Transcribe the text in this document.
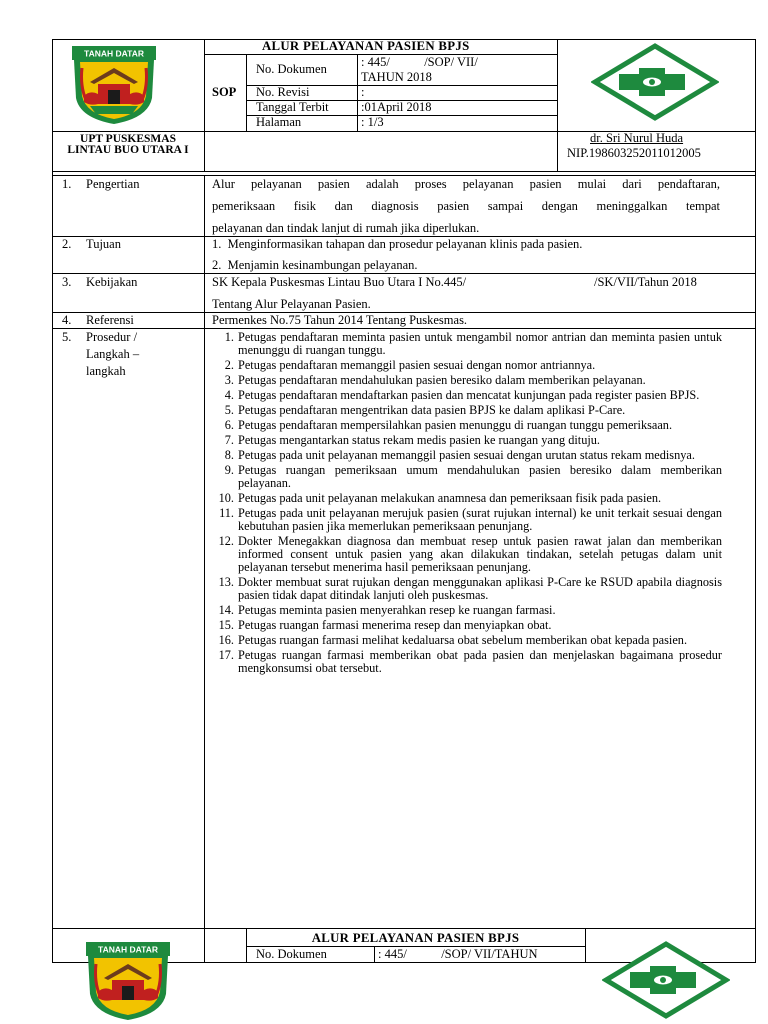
TANAH DATAR
ALUR PELAYANAN PASIEN BPJS
SOP
No. Dokumen	: 445/           /SOP/ VII/
TAHUN 2018
No. Revisi	:
Tanggal Terbit	:01April 2018
Halaman	: 1/3
UPT PUSKESMAS
LINTAU BUO UTARA I
dr. Sri Nurul Huda
NIP.198603252011012005
1. Pengertian	Alur pelayanan pasien adalah proses pelayanan pasien mulai dari pendaftaran,
pemeriksaan fisik dan diagnosis pasien sampai dengan meninggalkan tempat
pelayanan dan tindak lanjut di rumah jika diperlukan.
2. Tujuan	1.  Menginformasikan tahapan dan prosedur pelayanan klinis pada pasien.
2.  Menjamin kesinambungan pelayanan.
3. Kebijakan	SK Kepala Puskesmas Lintau Buo Utara I No.445/	/SK/VII/Tahun 2018
Tentang Alur Pelayanan Pasien.
4. Referensi	Permenkes No.75 Tahun 2014 Tentang Puskesmas.
5. Prosedur /
Langkah –
langkah
1. Petugas pendaftaran meminta pasien untuk mengambil nomor antrian dan meminta pasien untuk menunggu di ruangan tunggu.
2. Petugas pendaftaran memanggil pasien sesuai dengan nomor antriannya.
3. Petugas pendaftaran mendahulukan pasien beresiko dalam memberikan pelayanan.
4. Petugas pendaftaran mendaftarkan pasien dan mencatat kunjungan pada register pasien BPJS.
5. Petugas pendaftaran mengentrikan data pasien BPJS ke dalam aplikasi P-Care.
6. Petugas pendaftaran mempersilahkan pasien menunggu di ruangan tunggu pemeriksaan.
7. Petugas mengantarkan status rekam medis pasien ke ruangan yang dituju.
8. Petugas pada unit pelayanan memanggil pasien sesuai dengan urutan status rekam medisnya.
9. Petugas ruangan pemeriksaan umum mendahulukan pasien beresiko dalam memberikan pelayanan.
10. Petugas pada unit pelayanan melakukan anamnesa dan pemeriksaan fisik pada pasien.
11. Petugas pada unit pelayanan merujuk pasien (surat rujukan internal) ke unit terkait sesuai dengan kebutuhan pasien jika memerlukan pemeriksaan penunjang.
12. Dokter Menegakkan diagnosa dan membuat resep untuk pasien rawat jalan dan memberikan informed consent untuk pasien yang akan dilakukan tindakan, setelah petugas dalam unit pelayanan tersebut menerima hasil pemeriksaan penunjang.
13. Dokter membuat surat rujukan dengan menggunakan aplikasi P-Care ke RSUD apabila diagnosis pasien tidak dapat ditindak lanjuti oleh puskesmas.
14. Petugas meminta pasien menyerahkan resep ke ruangan farmasi.
15. Petugas ruangan farmasi menerima resep dan menyiapkan obat.
16. Petugas ruangan farmasi melihat kedaluarsa obat sebelum memberikan obat kepada pasien.
17. Petugas ruangan farmasi memberikan obat pada pasien dan menjelaskan bagaimana prosedur mengkonsumsi obat tersebut.
TANAH DATAR
ALUR PELAYANAN PASIEN BPJS
No. Dokumen	: 445/           /SOP/ VII/TAHUN
